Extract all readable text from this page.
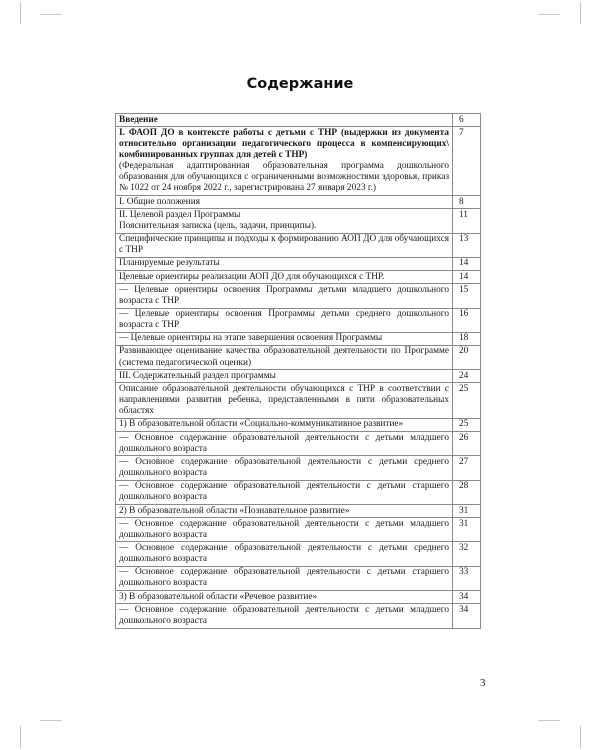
Содержание
Введение	6
I. ФАОП ДО в контексте работы с детьми с ТНР (выдержки из документа относительно организации педагогического процесса в компенсирующих\ комбинированных группах для детей с ТНР)
(Федеральная адаптированная образовательная программа дошкольного образования для обучающихся с ограниченными возможностями здоровья, приказ № 1022 от 24 ноября 2022 г., зарегистрирована 27 января 2023 г.)	7
I. Общие положения	8
II. Целевой раздел Программы
Пояснительная записка (цель, задачи, принципы).	11
Специфические принципы и подходы к формированию АОП ДО для обучающихся с ТНР	13
Планируемые результаты	14
Целевые ориентиры реализации АОП ДО для обучающихся с ТНР.	14
— Целевые ориентиры освоения Программы детьми младшего дошкольного возраста с ТНР	15
— Целевые ориентиры освоения Программы детьми среднего дошкольного возраста с ТНР	16
— Целевые ориентиры на этапе завершения освоения Программы	18
Развивающее оценивание качества образовательной деятельности по Программе (система педагогической оценки)	20
III. Содержательный раздел программы	24
Описание образовательной деятельности обучающихся с ТНР в соответствии с направлениями развития ребенка, представленными в пяти образовательных областях	25
1) В образовательной области «Социально-коммуникативное развитие»	25
— Основное содержание образовательной деятельности с детьми младшего дошкольного возраста	26
— Основное содержание образовательной деятельности с детьми среднего дошкольного возраста	27
— Основное содержание образовательной деятельности с детьми старшего дошкольного возраста	28
2) В образовательной области «Познавательное развитие»	31
— Основное содержание образовательной деятельности с детьми младшего дошкольного возраста	31
— Основное содержание образовательной деятельности с детьми среднего дошкольного возраста	32
— Основное содержание образовательной деятельности с детьми старшего дошкольного возраста	33
3) В образовательной области «Речевое развитие»	34
— Основное содержание образовательной деятельности с детьми младшего дошкольного возраста	34
3
